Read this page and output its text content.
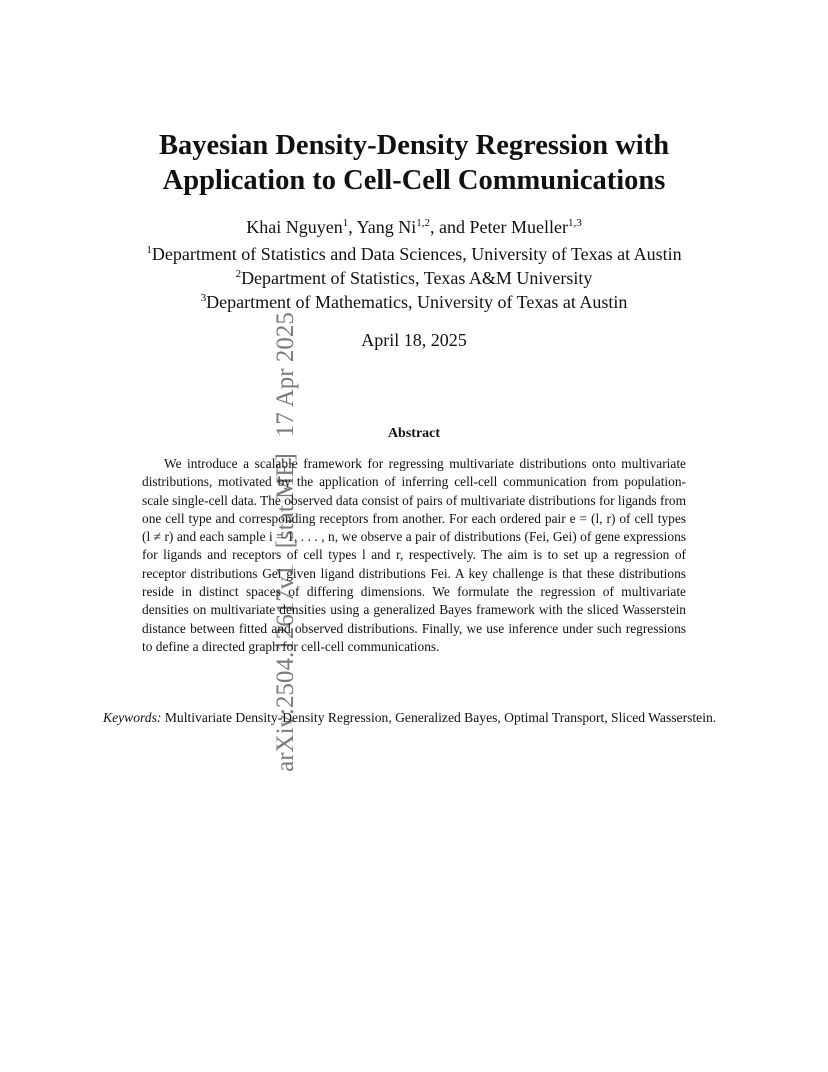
arXiv:2504.12617v1[stat.ME]17 Apr 2025
Bayesian Density-Density Regression with
Application to Cell-Cell Communications
Khai Nguyen$^1$, Yang Ni$^{1,2}$, and Peter Mueller$^{1,3}$
$^1$Department of Statistics and Data Sciences, University of Texas at Austin
$^2$Department of Statistics, Texas A&M University
$^3$Department of Mathematics, University of Texas at Austin
April 18, 2025
Abstract
We introduce a scalable framework for regressing multivariate distributions onto multivariate distributions, motivated by the application of inferring cell-cell communication from population-scale single-cell data. The observed data consist of pairs of multivariate distributions for ligands from one cell type and corresponding receptors from another. For each ordered pair e = (l, r) of cell types (l ≠ r) and each sample i = 1, . . . , n, we observe a pair of distributions (Fei, Gei) of gene expressions for ligands and receptors of cell types l and r, respectively. The aim is to set up a regression of receptor distributions Gei given ligand distributions Fei. A key challenge is that these distributions reside in distinct spaces of differing dimensions. We formulate the regression of multivariate densities on multivariate densities using a generalized Bayes framework with the sliced Wasserstein distance between fitted and observed distributions. Finally, we use inference under such regressions to define a directed graph for cell-cell communications.
Keywords: Multivariate Density-Density Regression, Generalized Bayes, Optimal Transport, Sliced Wasserstein.
